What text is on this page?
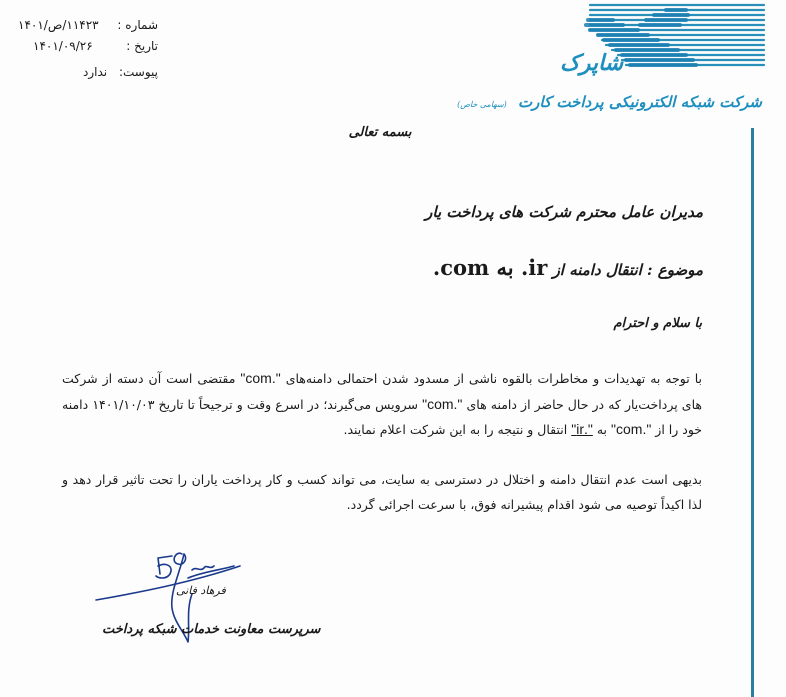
شماره :
۱۱۴۲۳/ص/۱۴۰۱
تاریخ :
۱۴۰۱/۰۹/۲۶
پیوست:
ندارد	شاپرک
شرکت شبکه الکترونیکی پرداخت کارت (سهامی خاص)
بسمه تعالی
مدیران عامل محترم شرکت های پرداخت یار
موضوع : انتقال دامنه از .com به .ir
با سلام و احترام
با توجه به تهدیدات و مخاطرات بالقوه ناشی از مسدود شدن احتمالی دامنه‌های ".com" مقتضی است آن دسته از شرکت های پرداخت‌یار که در حال حاضر از دامنه های ".com" سرویس می‌گیرند؛ در اسرع وقت و ترجیحاً تا تاریخ ۱۴۰۱/۱۰/۰۳ دامنه خود را از ".com" به ".ir" انتقال و نتیجه را به این شرکت اعلام نمایند.
بدیهی است عدم انتقال دامنه و اختلال در دسترسی به سایت، می تواند کسب و کار پرداخت یاران را تحت تاثیر قرار دهد و لذا اکیداً توصیه می شود اقدام پیشیرانه فوق، با سرعت اجرائی گردد.
فرهاد فانی
سرپرست معاونت خدمات شبکه پرداخت
